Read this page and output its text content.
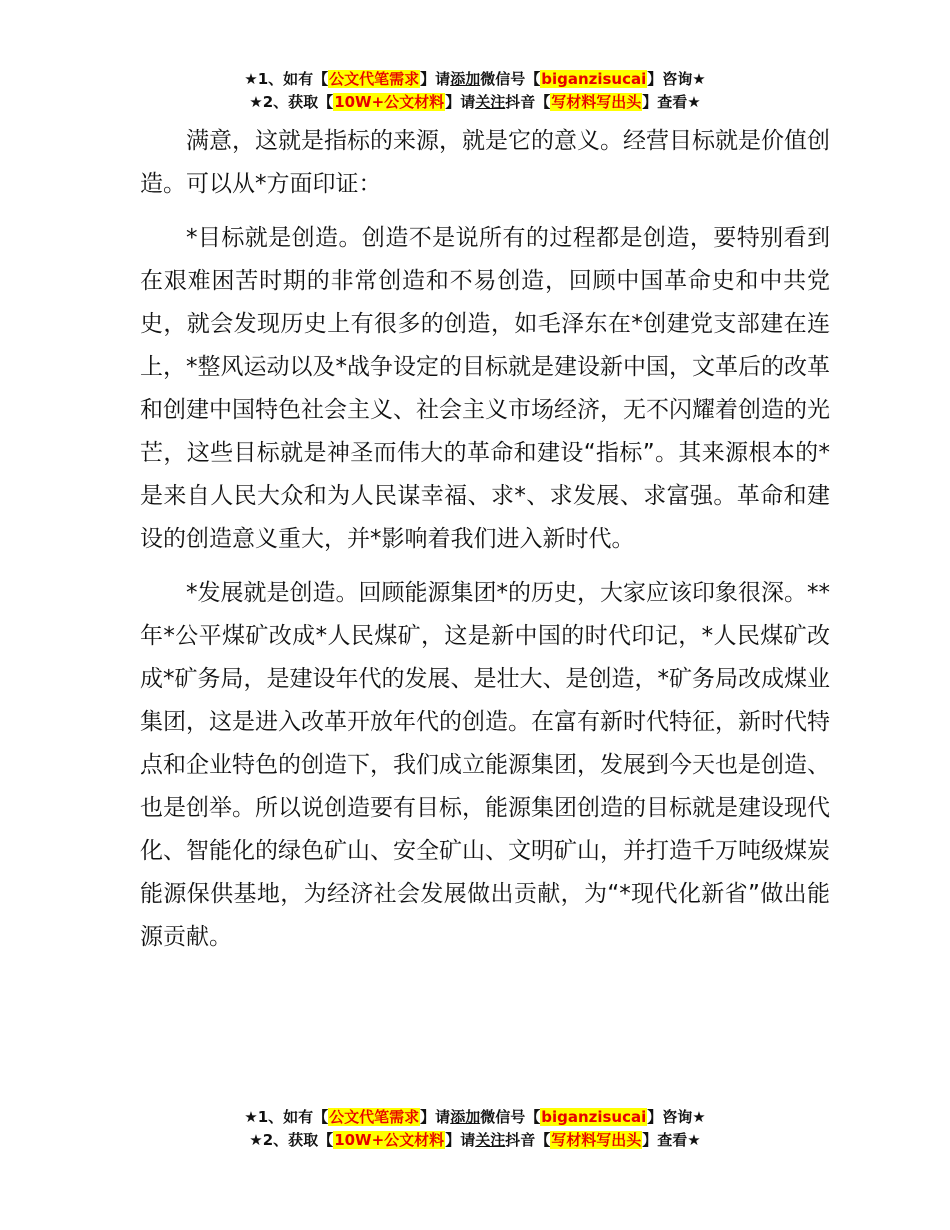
★1、如有【公文代笔需求】请添加微信号【biganzisucai】咨询★
★2、获取【10W+公文材料】请关注抖音【写材料写出头】查看★

满意，这就是指标的来源，就是它的意义。经营目标就是价值创造。可以从*方面印证：

*目标就是创造。创造不是说所有的过程都是创造，要特别看到在艰难困苦时期的非常创造和不易创造，回顾中国革命史和中共党史，就会发现历史上有很多的创造，如毛泽东在*创建党支部建在连上，*整风运动以及*战争设定的目标就是建设新中国，文革后的改革和创建中国特色社会主义、社会主义市场经济，无不闪耀着创造的光芒，这些目标就是神圣而伟大的革命和建设“指标”。其来源根本的*是来自人民大众和为人民谋幸福、求*、求发展、求富强。革命和建设的创造意义重大，并*影响着我们进入新时代。

*发展就是创造。回顾能源集团*的历史，大家应该印象很深。**年*公平煤矿改成*人民煤矿，这是新中国的时代印记，*人民煤矿改成*矿务局，是建设年代的发展、是壮大、是创造，*矿务局改成煤业集团，这是进入改革开放年代的创造。在富有新时代特征，新时代特点和企业特色的创造下，我们成立能源集团，发展到今天也是创造、也是创举。所以说创造要有目标，能源集团创造的目标就是建设现代化、智能化的绿色矿山、安全矿山、文明矿山，并打造千万吨级煤炭能源保供基地，为经济社会发展做出贡献，为“*现代化新省”做出能源贡献。

★1、如有【公文代笔需求】请添加微信号【biganzisucai】咨询★
★2、获取【10W+公文材料】请关注抖音【写材料写出头】查看★
